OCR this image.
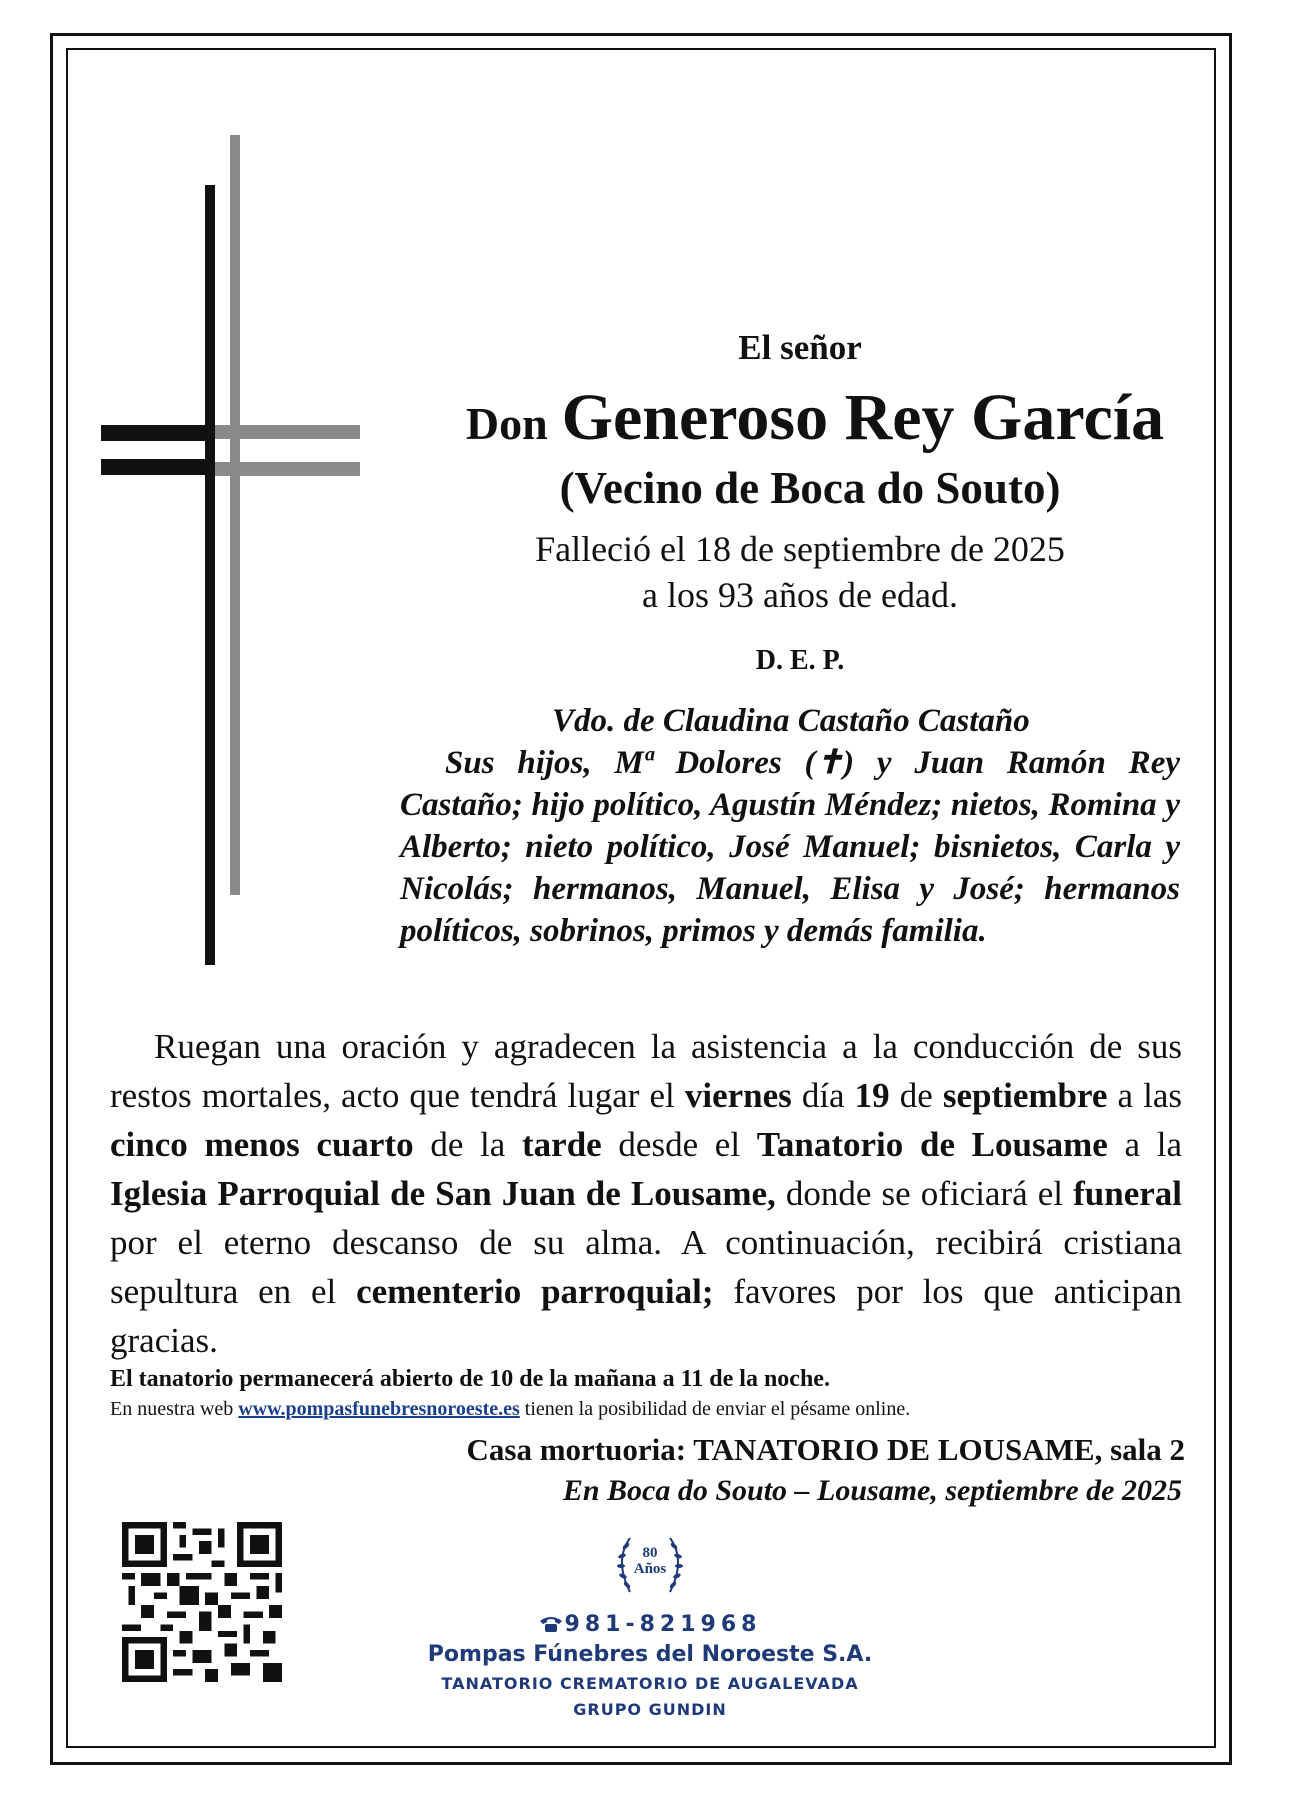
El señor
Don Generoso Rey García
(Vecino de Boca do Souto)
Falleció el 18 de septiembre de 2025
a los 93 años de edad.
D. E. P.
Vdo. de Claudina Castaño Castaño
Sus hijos, Mª Dolores (✝) y Juan Ramón Rey Castaño; hijo político, Agustín Méndez; nietos, Romina y Alberto; nieto político, José Manuel; bisnietos, Carla y Nicolás; hermanos, Manuel, Elisa y José; hermanos políticos, sobrinos, primos y demás familia.
Ruegan una oración y agradecen la asistencia a la conducción de sus restos mortales, acto que tendrá lugar el viernes día 19 de septiembre a las cinco menos cuarto de la tarde desde el Tanatorio de Lousame a la Iglesia Parroquial de San Juan de Lousame, donde se oficiará el funeral por el eterno descanso de su alma. A continuación, recibirá cristiana sepultura en el cementerio parroquial; favores por los que anticipan gracias.
El tanatorio permanecerá abierto de 10 de la mañana a 11 de la noche.
En nuestra web www.pompasfunebresnoroeste.es tienen la posibilidad de enviar el pésame online.
Casa mortuoria: TANATORIO DE LOUSAME, sala 2
En Boca do Souto – Lousame, septiembre de 2025
80
Años
981-821968
Pompas Fúnebres del Noroeste S.A.
TANATORIO CREMATORIO DE AUGALEVADA
GRUPO GUNDIN
